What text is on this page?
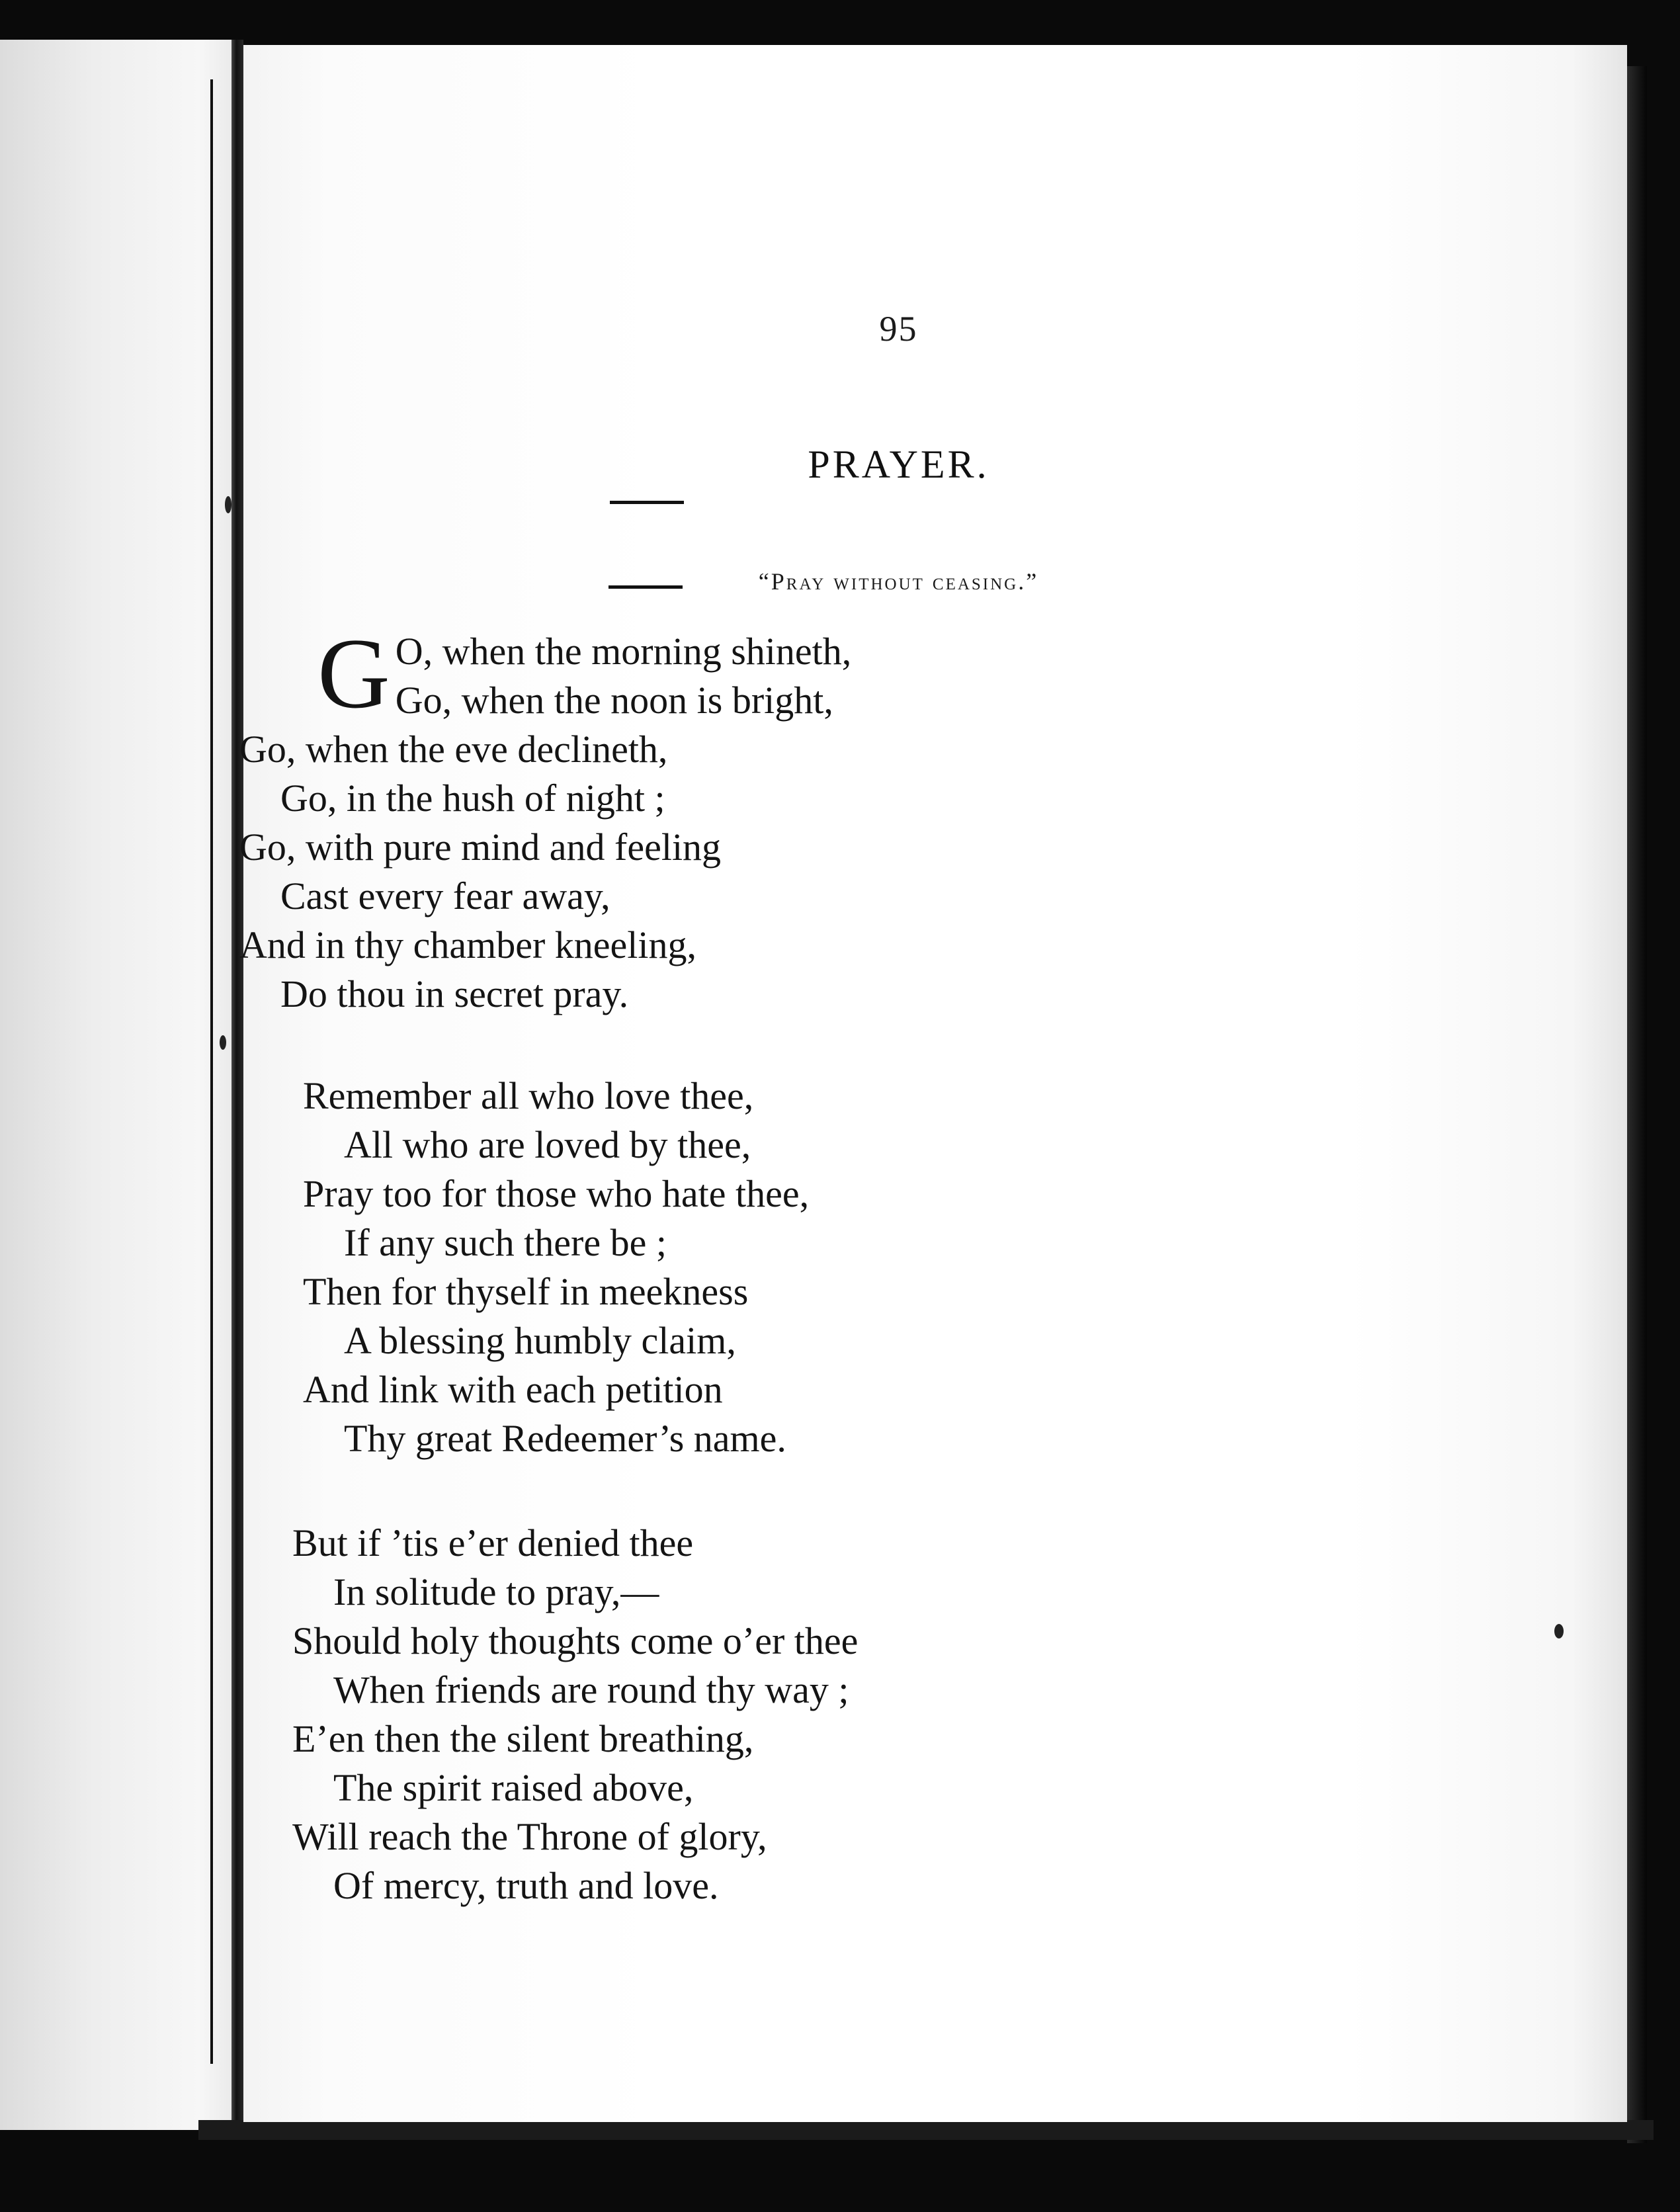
95
PRAYER.
“Pray without ceasing.”
G O, when the morning shineth,
Go, when the noon is bright,
Go, when the eve declineth,
Go, in the hush of night ;
Go, with pure mind and feeling
Cast every fear away,
And in thy chamber kneeling,
Do thou in secret pray.
Remember all who love thee,
All who are loved by thee,
Pray too for those who hate thee,
If any such there be ;
Then for thyself in meekness
A blessing humbly claim,
And link with each petition
Thy great Redeemer’s name.
But if ’tis e’er denied thee
In solitude to pray,—
Should holy thoughts come o’er thee
When friends are round thy way ;
E’en then the silent breathing,
The spirit raised above,
Will reach the Throne of glory,
Of mercy, truth and love.
